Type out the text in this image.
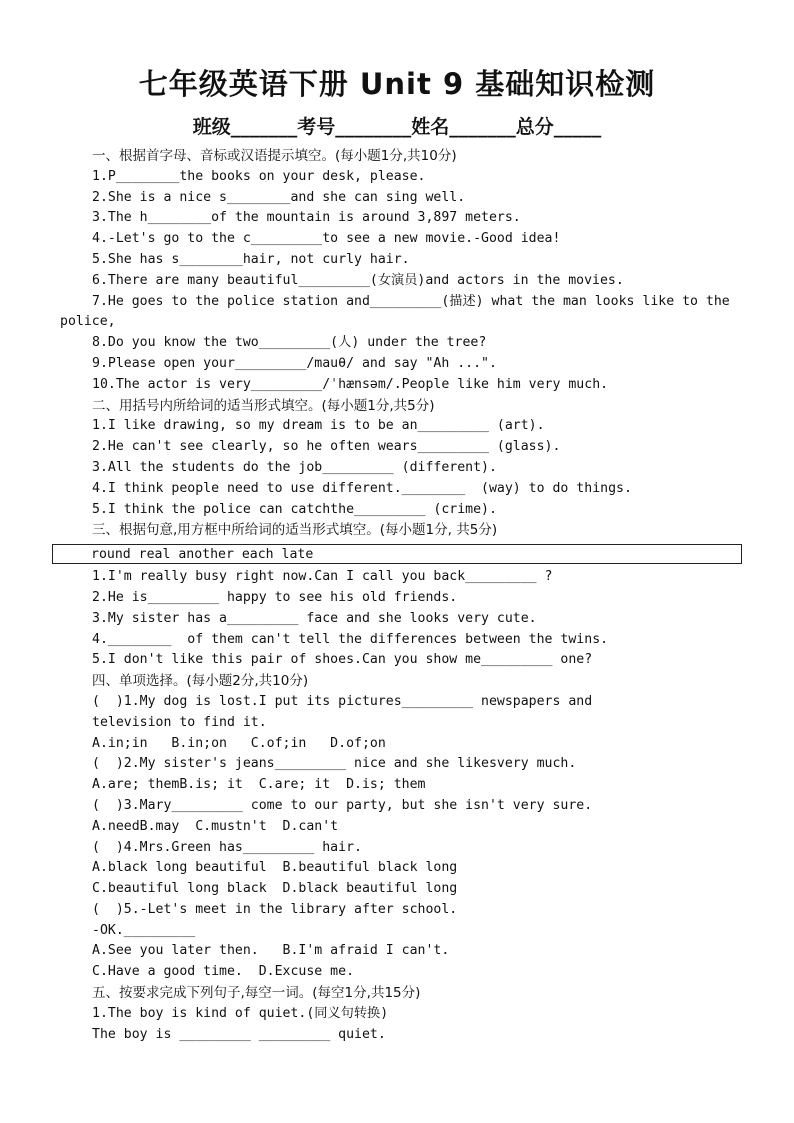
七年级英语下册 Unit 9 基础知识检测
班级_______考号________姓名_______总分_____
一、根据首字母、音标或汉语提示填空。(每小题1分,共10分)
1.P________the books on your desk, please.
2.She is a nice s________and she can sing well.
3.The h________of the mountain is around 3,897 meters.
4.-Let's go to the c_________to see a new movie.-Good idea!
5.She has s________hair, not curly hair.
6.There are many beautiful_________(女演员)and actors in the movies.
7.He goes to the police station and_________(描述) what the man looks like to the
police,
8.Do you know the two_________(人) under the tree?
9.Please open your_________/mauθ/ and say "Ah ...".
10.The actor is very_________/ˈhænsəm/.People like him very much.
二、用括号内所给词的适当形式填空。(每小题1分,共5分)
1.I like drawing, so my dream is to be an_________ (art).
2.He can't see clearly, so he often wears_________ (glass).
3.All the students do the job_________ (different).
4.I think people need to use different.________  (way) to do things.
5.I think the police can catchthe_________ (crime).
三、根据句意,用方框中所给词的适当形式填空。(每小题1分, 共5分)
round real another each late
1.I'm really busy right now.Can I call you back_________ ?
2.He is_________ happy to see his old friends.
3.My sister has a_________ face and she looks very cute.
4.________  of them can't tell the differences between the twins.
5.I don't like this pair of shoes.Can you show me_________ one?
四、单项选择。(每小题2分,共10分)
(  )1.My dog is lost.I put its pictures_________ newspapers and
television to find it.
A.in;in   B.in;on   C.of;in   D.of;on
(  )2.My sister's jeans_________ nice and she likesvery much.
A.are; themB.is; it  C.are; it  D.is; them
(  )3.Mary_________ come to our party, but she isn't very sure.
A.needB.may  C.mustn't  D.can't
(  )4.Mrs.Green has_________ hair.
A.black long beautiful  B.beautiful black long
C.beautiful long black  D.black beautiful long
(  )5.-Let's meet in the library after school.
-OK._________
A.See you later then.   B.I'm afraid I can't.
C.Have a good time.  D.Excuse me.
五、按要求完成下列句子,每空一词。(每空1分,共15分)
1.The boy is kind of quiet.(同义句转换)
The boy is _________ _________ quiet.
